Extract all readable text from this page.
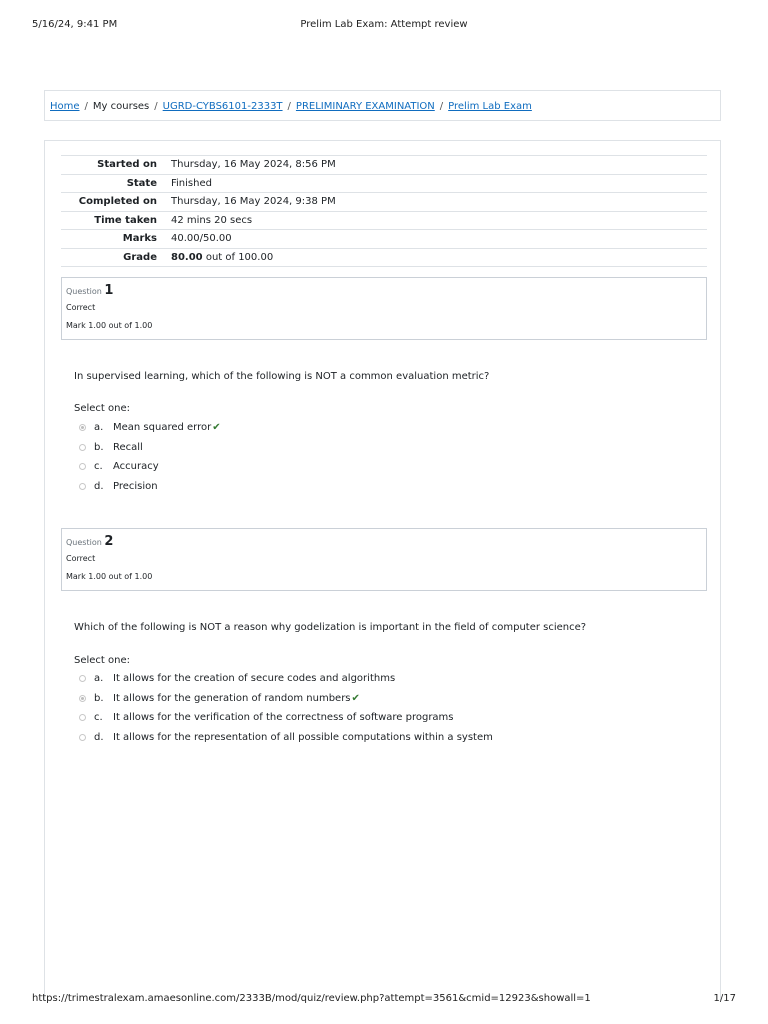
5/16/24, 9:41 PM	Prelim Lab Exam: Attempt review
Home / My courses / UGRD-CYBS6101-2333T / PRELIMINARY EXAMINATION / Prelim Lab Exam
Started on	Thursday, 16 May 2024, 8:56 PM
State	Finished
Completed on	Thursday, 16 May 2024, 9:38 PM
Time taken	42 mins 20 secs
Marks	40.00/50.00
Grade	80.00 out of 100.00
Question 1
Correct
Mark 1.00 out of 1.00
In supervised learning, which of the following is NOT a common evaluation metric?
Select one:
a. Mean squared error ✔
b. Recall
c.	Accuracy
d. Precision
Question 2
Correct
Mark 1.00 out of 1.00
Which of the following is NOT a reason why godelization is important in the field of computer science?
Select one:
a. It allows for the creation of secure codes and algorithms
b. It allows for the generation of random numbers ✔
c.	It allows for the verification of the correctness of software programs
d. It allows for the representation of all possible computations within a system
https://trimestralexam.amaesonline.com/2333B/mod/quiz/review.php?attempt=3561&cmid=12923&showall=1	1/17
